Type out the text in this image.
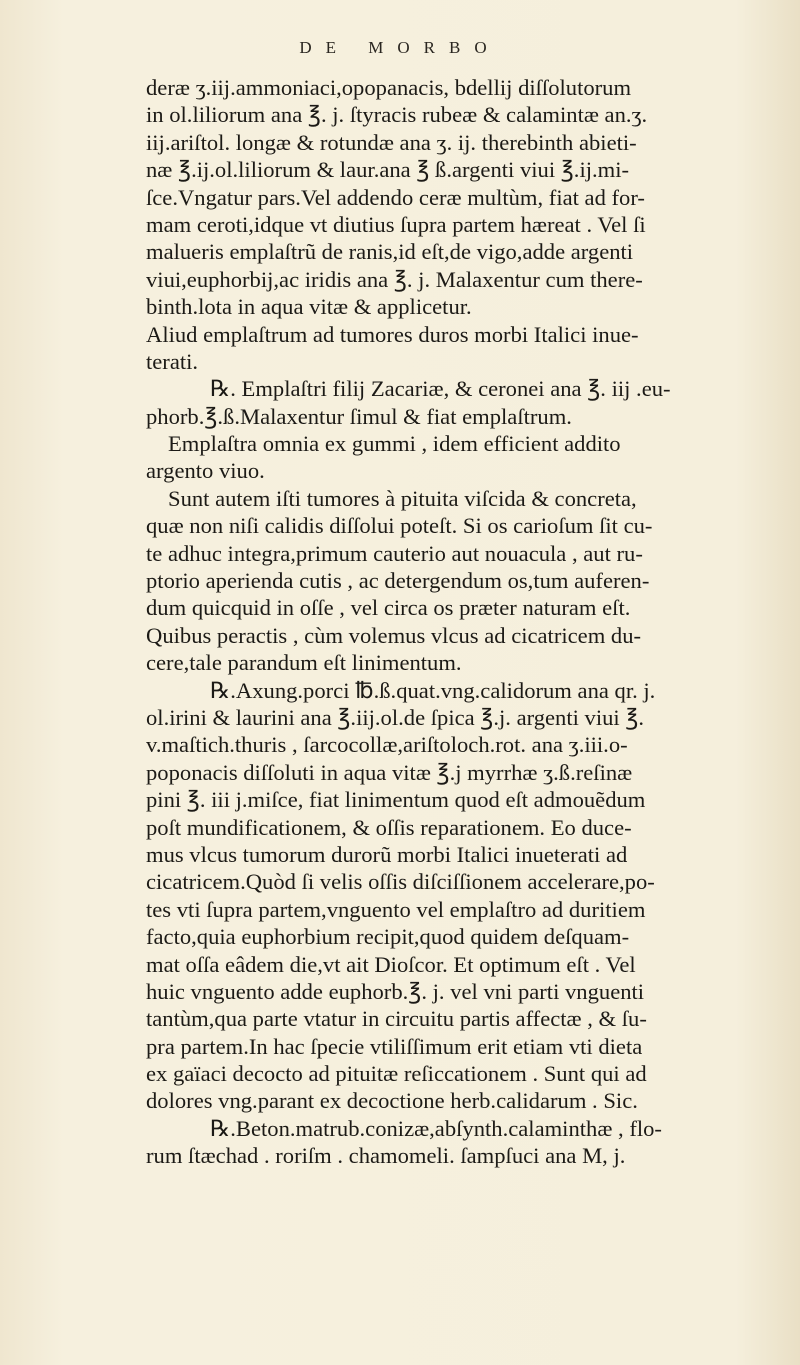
DE MORBO
deræ ʒ.iij.ammoniaci,opopanacis, bdellij diſſolutorum
in ol.liliorum ana ℥. j. ſtyracis rubeæ & calamintæ an.ʒ.
iij.ariſtol. longæ & rotundæ ana ʒ. ij. therebinth abieti-
næ ℥.ij.ol.liliorum & laur.ana ℥ ß.argenti viui ℥.ij.mi-
ſce.Vngatur pars.Vel addendo ceræ multùm, fiat ad for-
mam ceroti,idque vt diutius ſupra partem hæreat . Vel ſi
malueris emplaſtrũ de ranis,id eſt,de vigo,adde argenti
viui,euphorbij,ac iridis ana ℥. j. Malaxentur cum there-
binth.lota in aqua vitæ & applicetur.
Aliud emplaſtrum ad tumores duros morbi Italici inue-
terati.
℞. Emplaſtri filij Zacariæ, & ceronei ana ℥. iij .eu-
phorb.℥.ß.Malaxentur ſimul & fiat emplaſtrum.
Emplaſtra omnia ex gummi , idem efficient addito
argento viuo.
Sunt autem iſti tumores à pituita viſcida & concreta,
quæ non niſi calidis diſſolui poteſt. Si os carioſum ſit cu-
te adhuc integra,primum cauterio aut nouacula , aut ru-
ptorio aperienda cutis , ac detergendum os,tum auferen-
dum quicquid in oſſe , vel circa os præter naturam eſt.
Quibus peractis , cùm volemus vlcus ad cicatricem du-
cere,tale parandum eſt linimentum.
℞.Axung.porci ℔.ß.quat.vng.calidorum ana qr. j.
ol.irini & laurini ana ℥.iij.ol.de ſpica ℥.j. argenti viui ℥.
v.maſtich.thuris , ſarcocollæ,ariſtoloch.rot. ana ʒ.iii.o-
poponacis diſſoluti in aqua vitæ ℥.j myrrhæ ʒ.ß.reſinæ
pini ℥. iii j.miſce, fiat linimentum quod eſt admouẽdum
poſt mundificationem, & oſſis reparationem. Eo duce-
mus vlcus tumorum durorũ morbi Italici inueterati ad
cicatricem.Quòd ſi velis oſſis diſciſſionem accelerare,po-
tes vti ſupra partem,vnguento vel emplaſtro ad duritiem
facto,quia euphorbium recipit,quod quidem deſquam-
mat oſſa eâdem die,vt ait Dioſcor. Et optimum eſt . Vel
huic vnguento adde euphorb.℥. j. vel vni parti vnguenti
tantùm,qua parte vtatur in circuitu partis affectæ , & ſu-
pra partem.In hac ſpecie vtiliſſimum erit etiam vti dieta
ex gaïaci decocto ad pituitæ reſiccationem . Sunt qui ad
dolores vng.parant ex decoctione herb.calidarum . Sic.
℞.Beton.matrub.conizæ,abſynth.calaminthæ , flo-
rum ſtæchad . roriſm . chamomeli. ſampſuci ana M, j.
